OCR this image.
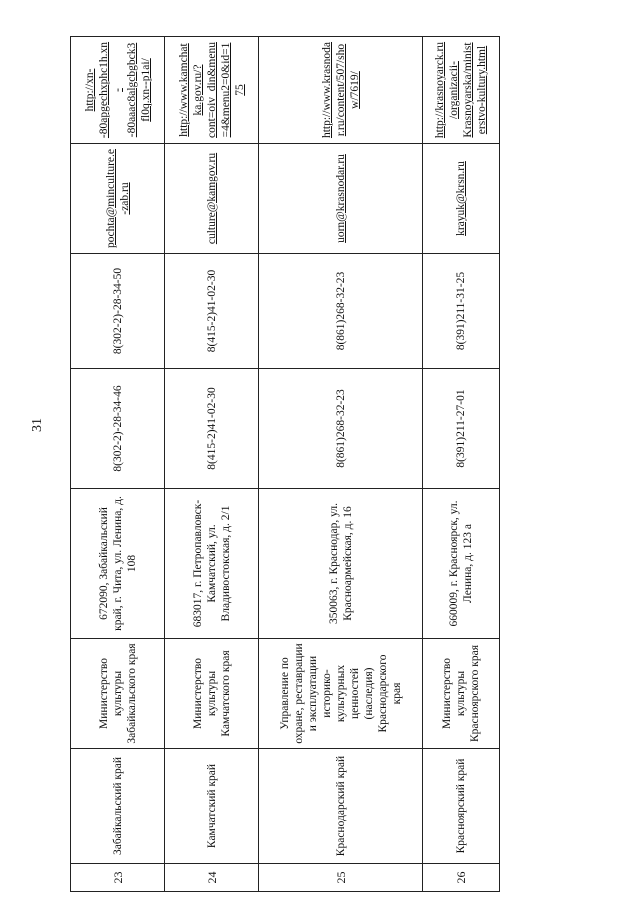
31
23	Забайкальский край	Министерство культуры Забайкальского края	672090, Забайкальский край, г. Чита, ул. Ленина, д. 108	8(302-2)-28-34-46	8(302-2)-28-34-50	pochta@minculture.e-zab.ru	http://xn--80apgechxphc1h.xn--80aaac8algcbgbck3fl0q.xn--p1ai/
24	Камчатский край	Министерство культуры Камчатского края	683017, г. Петропавловск-Камчатский, ул. Владивостокская, д. 2/1	8(415-2)41-02-30	8(415-2)41-02-30	culture@kamgov.ru	http://www.kamchatka.gov.ru/?cont=oiv_din&menu=4&menu2=0&id=175
25	Краснодарский край	Управление по охране, реставрации и эксплуатации историко-культурных ценностей (наследия) Краснодарского края	350063, г. Краснодар, ул. Красноармейская, д. 16	8(861)268-32-23	8(861)268-32-23	uorn@krasnodar.ru	http://www.krasnodar.ru/content/507/show/7619/
26	Красноярский край	Министерство культуры Красноярского края	660009, г. Красноярск, ул. Ленина, д. 123 а	8(391)211-27-01	8(391)211-31-25	krayuk@krsn.ru	http://krasnoyarck.ru/organizacii-Krasnoyarska/ministerstvo-kultury.html
